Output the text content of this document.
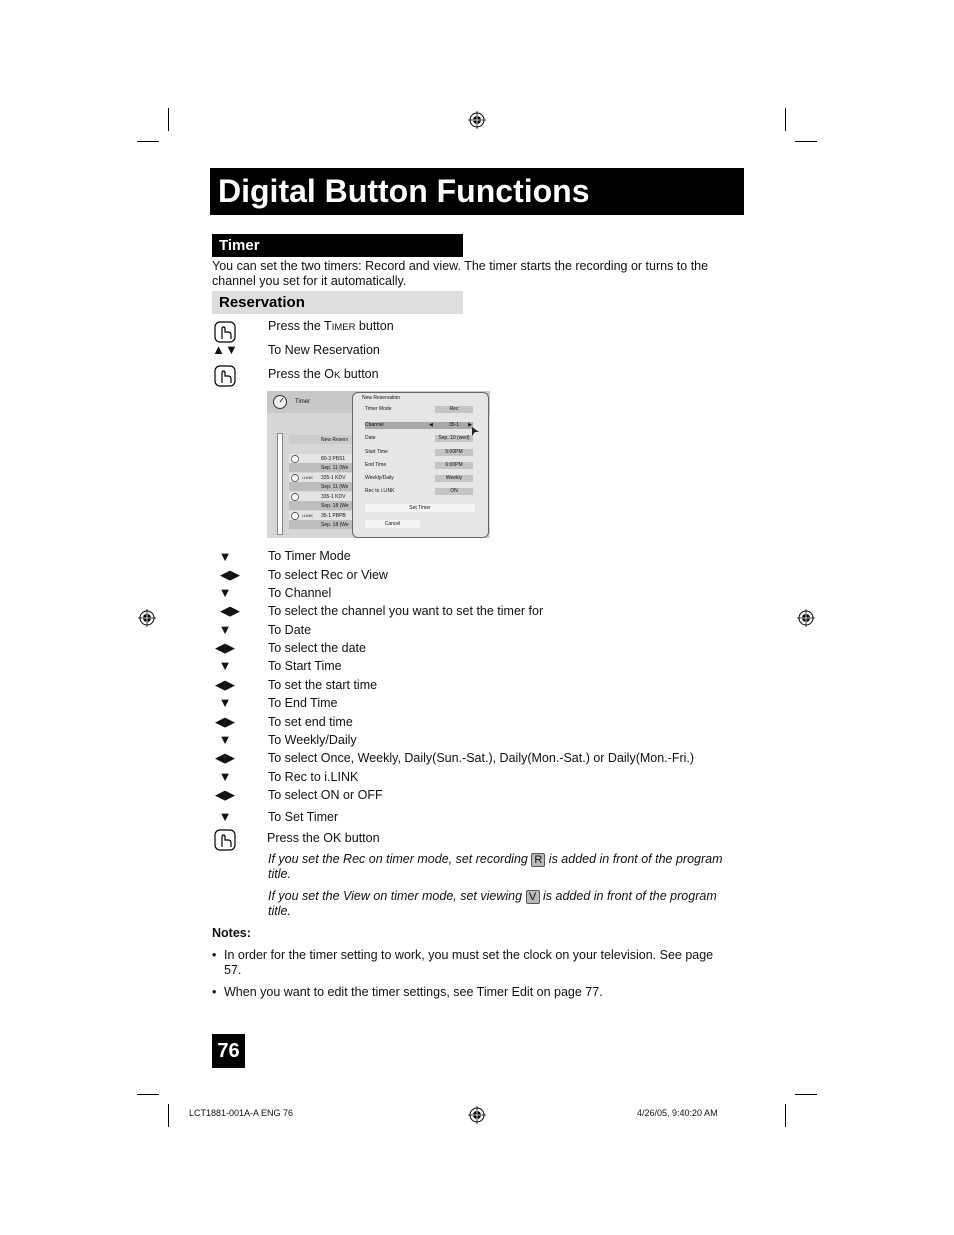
Digital Button Functions
Timer
You can set the two timers: Record and view. The timer starts the recording or turns to the channel you set for it automatically.
Reservation
Press the TIMER button
▲▼ To New Reservation
Press the OK button
Timer
New Reserv
80-3 PBS1
Sep. 11 (We
i.LINK 335-1 KDV
Sep. 11 (We
335-1 KDV
Sep. 18 (We
i.LINK 35-1 PBPB
Sep. 18 (We
New Reservation
Timer Mode	Rec
Channel	◀	35-1	▶
Date	Sep. 10 (wed)
Start Time	5:00PM
End Time	6:00PM
Weekly/Daily	Weekly
Rec to i.LINK	ON
Set Timer
Cancel
▼	To Timer Mode
◀▶	To select Rec or View
▼	To Channel
◀▶	To select the channel you want to set the timer for
▼	To Date
◀▶	To select the date
▼	To Start Time
◀▶	To set the start time
▼	To End Time
◀▶	To set end time
▼	To Weekly/Daily
◀▶	To select Once, Weekly, Daily(Sun.-Sat.), Daily(Mon.-Sat.) or Daily(Mon.-Fri.)
▼	To Rec to i.LINK
◀▶	To select ON or OFF
▼	To Set Timer
Press the OK button
If you set the Rec on timer mode, set recording R is added in front of the program title.
If you set the View on timer mode, set viewing V is added in front of the program title.
Notes:
• In order for the timer setting to work, you must set the clock on your television. See page 57.
• When you want to edit the timer settings, see Timer Edit on page 77.
76
LCT1881-001A-A ENG 76	4/26/05, 9:40:20 AM
